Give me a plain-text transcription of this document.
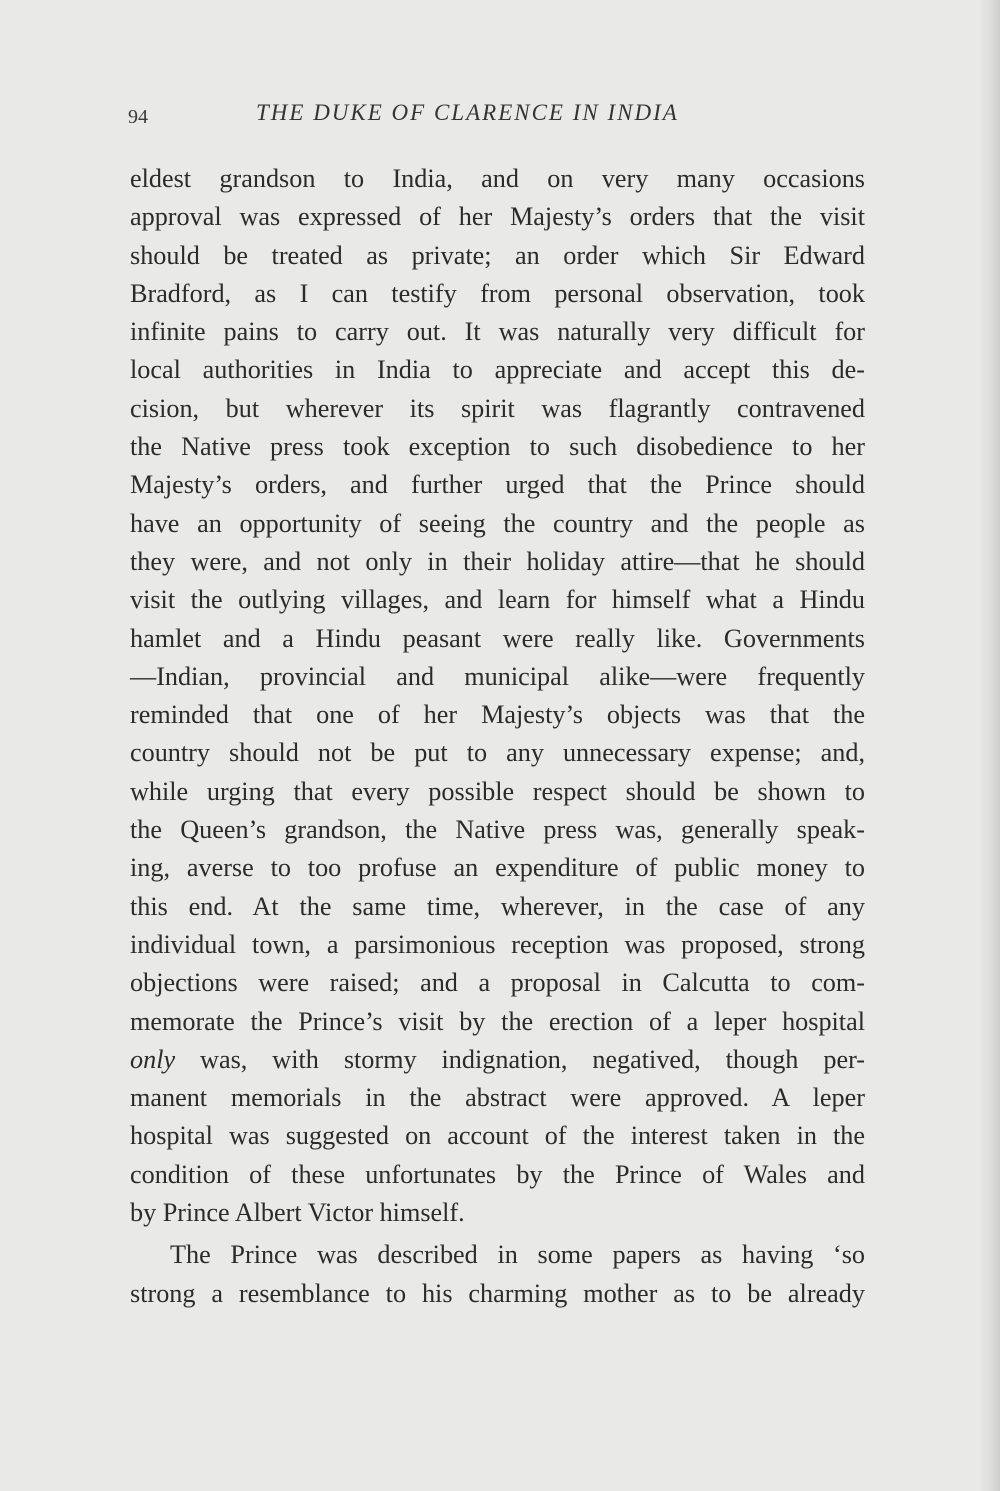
94	THE DUKE OF CLARENCE IN INDIA
eldest grandson to India, and on very many occasions
approval was expressed of her Majesty’s orders that the visit
should be treated as private; an order which Sir Edward
Bradford, as I can testify from personal observation, took
infinite pains to carry out. It was naturally very difficult for
local authorities in India to appreciate and accept this de-
cision, but wherever its spirit was flagrantly contravened
the Native press took exception to such disobedience to her
Majesty’s orders, and further urged that the Prince should
have an opportunity of seeing the country and the people as
they were, and not only in their holiday attire—that he should
visit the outlying villages, and learn for himself what a Hindu
hamlet and a Hindu peasant were really like. Governments
—Indian, provincial and municipal alike—were frequently
reminded that one of her Majesty’s objects was that the
country should not be put to any unnecessary expense; and,
while urging that every possible respect should be shown to
the Queen’s grandson, the Native press was, generally speak-
ing, averse to too profuse an expenditure of public money to
this end. At the same time, wherever, in the case of any
individual town, a parsimonious reception was proposed, strong
objections were raised; and a proposal in Calcutta to com-
memorate the Prince’s visit by the erection of a leper hospital
only was, with stormy indignation, negatived, though per-
manent memorials in the abstract were approved. A leper
hospital was suggested on account of the interest taken in the
condition of these unfortunates by the Prince of Wales and
by Prince Albert Victor himself.
The Prince was described in some papers as having ‘so
strong a resemblance to his charming mother as to be already
